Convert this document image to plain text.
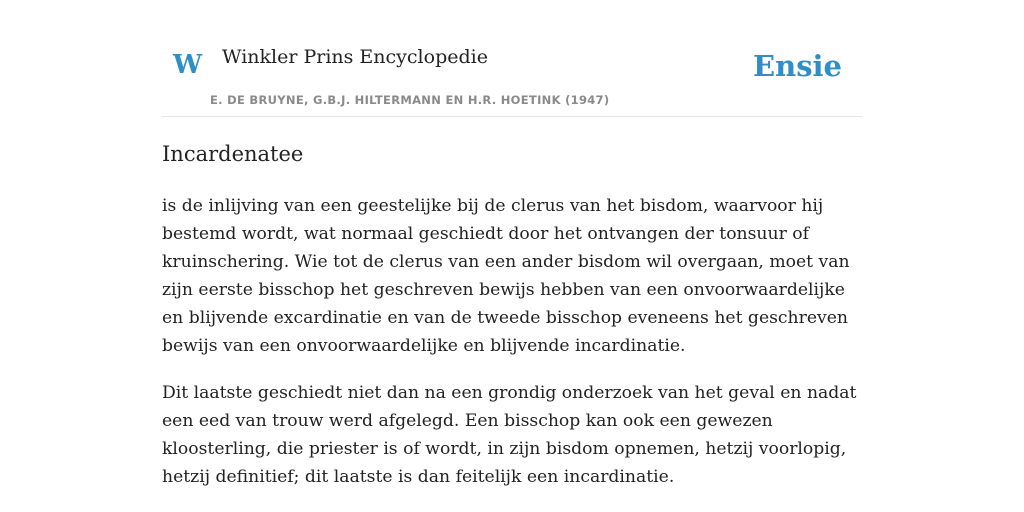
W Winkler Prins Encyclopedie
E. DE BRUYNE, G.B.J. HILTERMANN EN H.R. HOETINK (1947)
Ensie
Incardenatee

is de inlijving van een geestelijke bij de clerus van het bisdom, waarvoor hij bestemd wordt, wat normaal geschiedt door het ontvangen der tonsuur of kruinschering. Wie tot de clerus van een ander bisdom wil overgaan, moet van zijn eerste bisschop het geschreven bewijs hebben van een onvoorwaardelijke en blijvende excardinatie en van de tweede bisschop eveneens het geschreven bewijs van een onvoorwaardelijke en blijvende incardinatie.

Dit laatste geschiedt niet dan na een grondig onderzoek van het geval en nadat een eed van trouw werd afgelegd. Een bisschop kan ook een gewezen kloosterling, die priester is of wordt, in zijn bisdom opnemen, hetzij voorlopig, hetzij definitief; dit laatste is dan feitelijk een incardinatie.
